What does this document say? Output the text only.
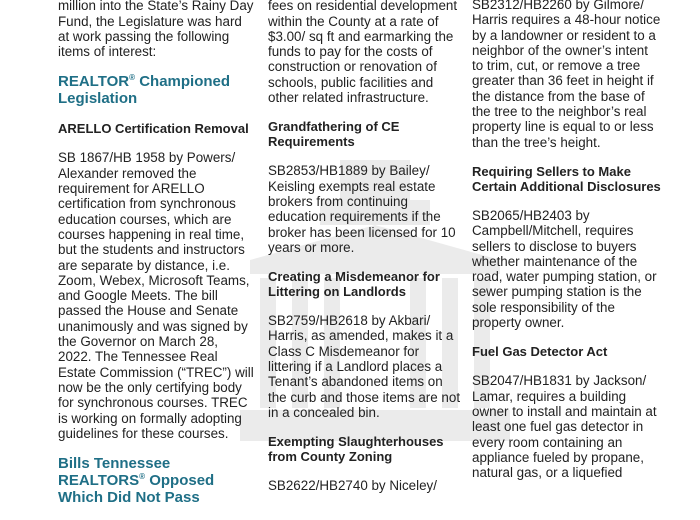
million into the State’s Rainy Day Fund, the Legislature was hard at work passing the following items of interest:

REALTOR® Championed Legislation
ARELLO Certification Removal

SB 1867/HB 1958 by Powers/ Alexander removed the requirement for ARELLO certification from synchronous education courses, which are courses happening in real time, but the students and instructors are separate by distance, i.e. Zoom, Webex, Microsoft Teams, and Google Meets. The bill passed the House and Senate unanimously and was signed by the Governor on March 28, 2022. The Tennessee Real Estate Commission (“TREC”) will now be the only certifying body for synchronous courses. TREC is working on formally adopting guidelines for these courses.

Bills Tennessee REALTORS® Opposed Which Did Not Pass

fees on residential development within the County at a rate of $3.00/ sq ft and earmarking the funds to pay for the costs of construction or renovation of schools, public facilities and other related infrastructure.

Grandfathering of CE Requirements

SB2853/HB1889 by Bailey/ Keisling exempts real estate brokers from continuing education requirements if the broker has been licensed for 10 years or more.

Creating a Misdemeanor for Littering on Landlords

SB2759/HB2618 by Akbari/ Harris, as amended, makes it a Class C Misdemeanor for littering if a Landlord places a Tenant’s abandoned items on the curb and those items are not in a concealed bin.

Exempting Slaughterhouses from County Zoning

SB2622/HB2740 by Niceley/

SB2312/HB2260 by Gilmore/ Harris requires a 48-hour notice by a landowner or resident to a neighbor of the owner’s intent to trim, cut, or remove a tree greater than 36 feet in height if the distance from the base of the tree to the neighbor’s real property line is equal to or less than the tree’s height.

Requiring Sellers to Make Certain Additional Disclosures

SB2065/HB2403 by Campbell/Mitchell, requires sellers to disclose to buyers whether maintenance of the road, water pumping station, or sewer pumping station is the sole responsibility of the property owner.

Fuel Gas Detector Act

SB2047/HB1831 by Jackson/ Lamar, requires a building owner to install and maintain at least one fuel gas detector in every room containing an appliance fueled by propane, natural gas, or a liquefied
